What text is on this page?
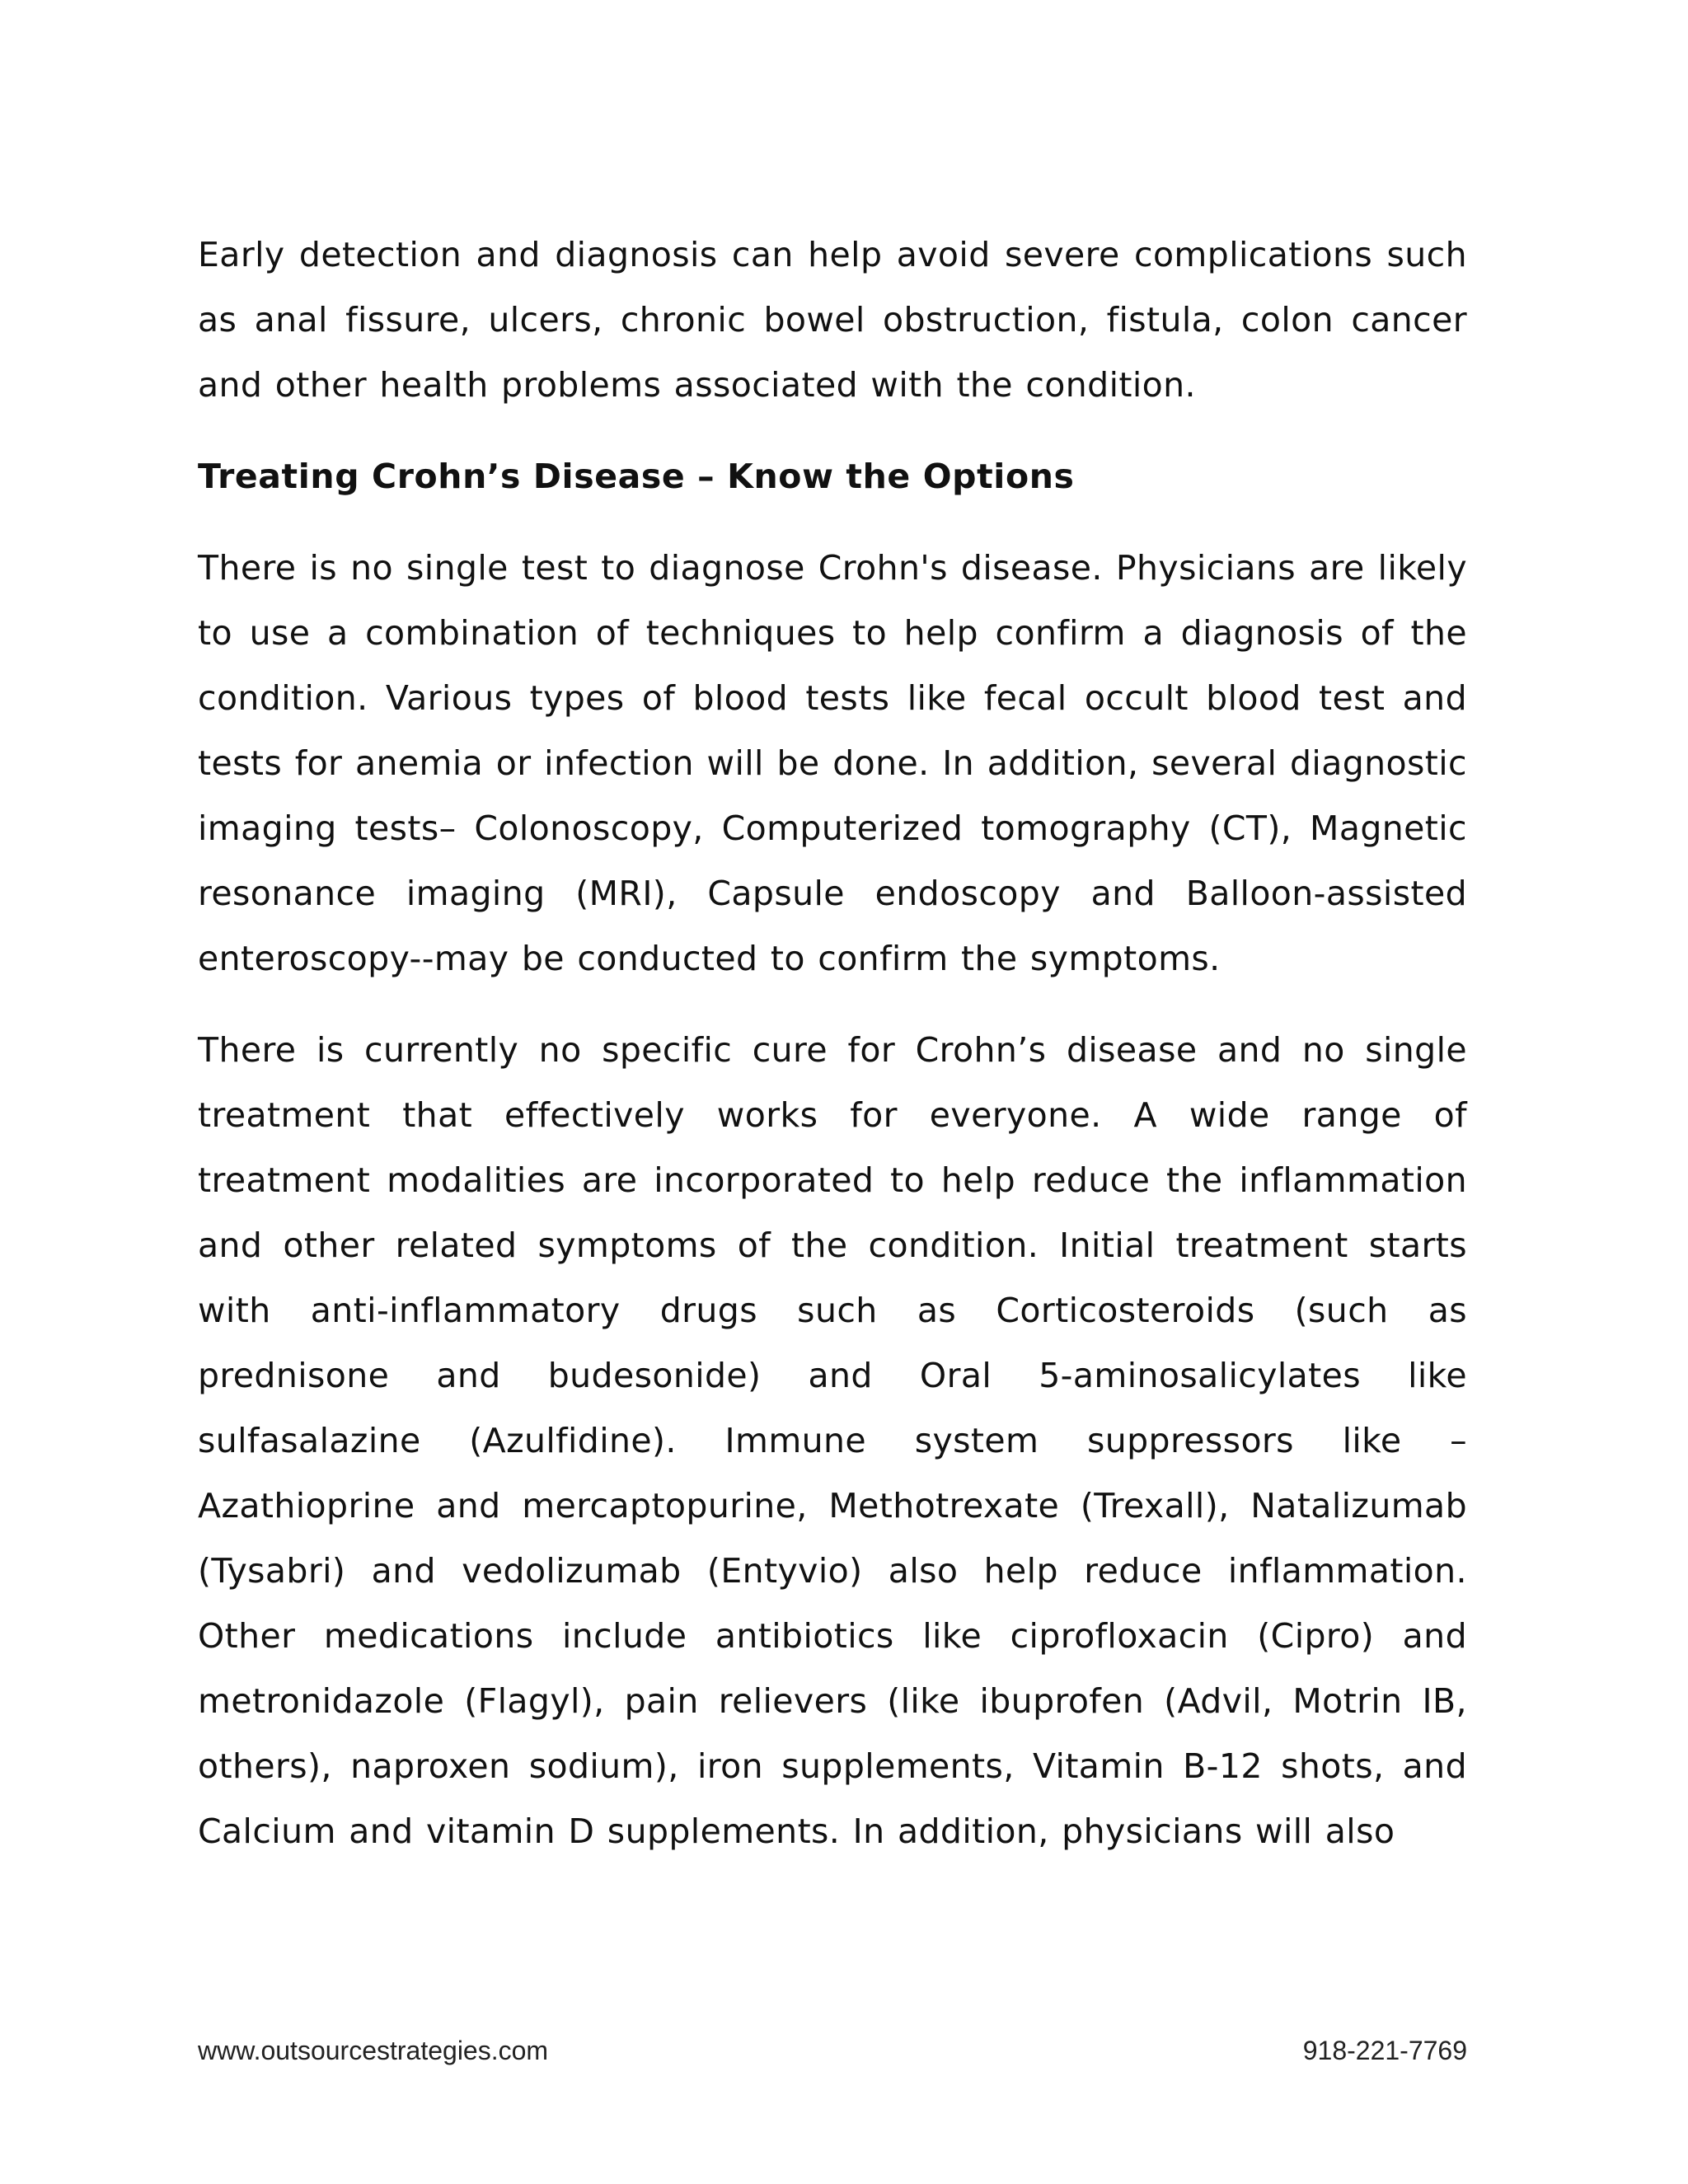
Early detection and diagnosis can help avoid severe complications such as anal fissure, ulcers, chronic bowel obstruction, fistula, colon cancer and other health problems associated with the condition.

Treating Crohn’s Disease – Know the Options

There is no single test to diagnose Crohn's disease. Physicians are likely to use a combination of techniques to help confirm a diagnosis of the condition. Various types of blood tests like fecal occult blood test and tests for anemia or infection will be done. In addition, several diagnostic imaging tests– Colonoscopy, Computerized tomography (CT), Magnetic resonance imaging (MRI), Capsule endoscopy and Balloon-assisted enteroscopy--may be conducted to confirm the symptoms.

There is currently no specific cure for Crohn’s disease and no single treatment that effectively works for everyone. A wide range of treatment modalities are incorporated to help reduce the inflammation and other related symptoms of the condition. Initial treatment starts with anti-inflammatory drugs such as Corticosteroids (such as prednisone and budesonide) and Oral 5-aminosalicylates like sulfasalazine (Azulfidine). Immune system suppressors like – Azathioprine and mercaptopurine, Methotrexate (Trexall), Natalizumab (Tysabri) and vedolizumab (Entyvio) also help reduce inflammation. Other medications include antibiotics like ciprofloxacin (Cipro) and metronidazole (Flagyl), pain relievers (like ibuprofen (Advil, Motrin IB, others), naproxen sodium), iron supplements, Vitamin B-12 shots, and Calcium and vitamin D supplements. In addition, physicians will also

www.outsourcestrategies.com	918-221-7769
